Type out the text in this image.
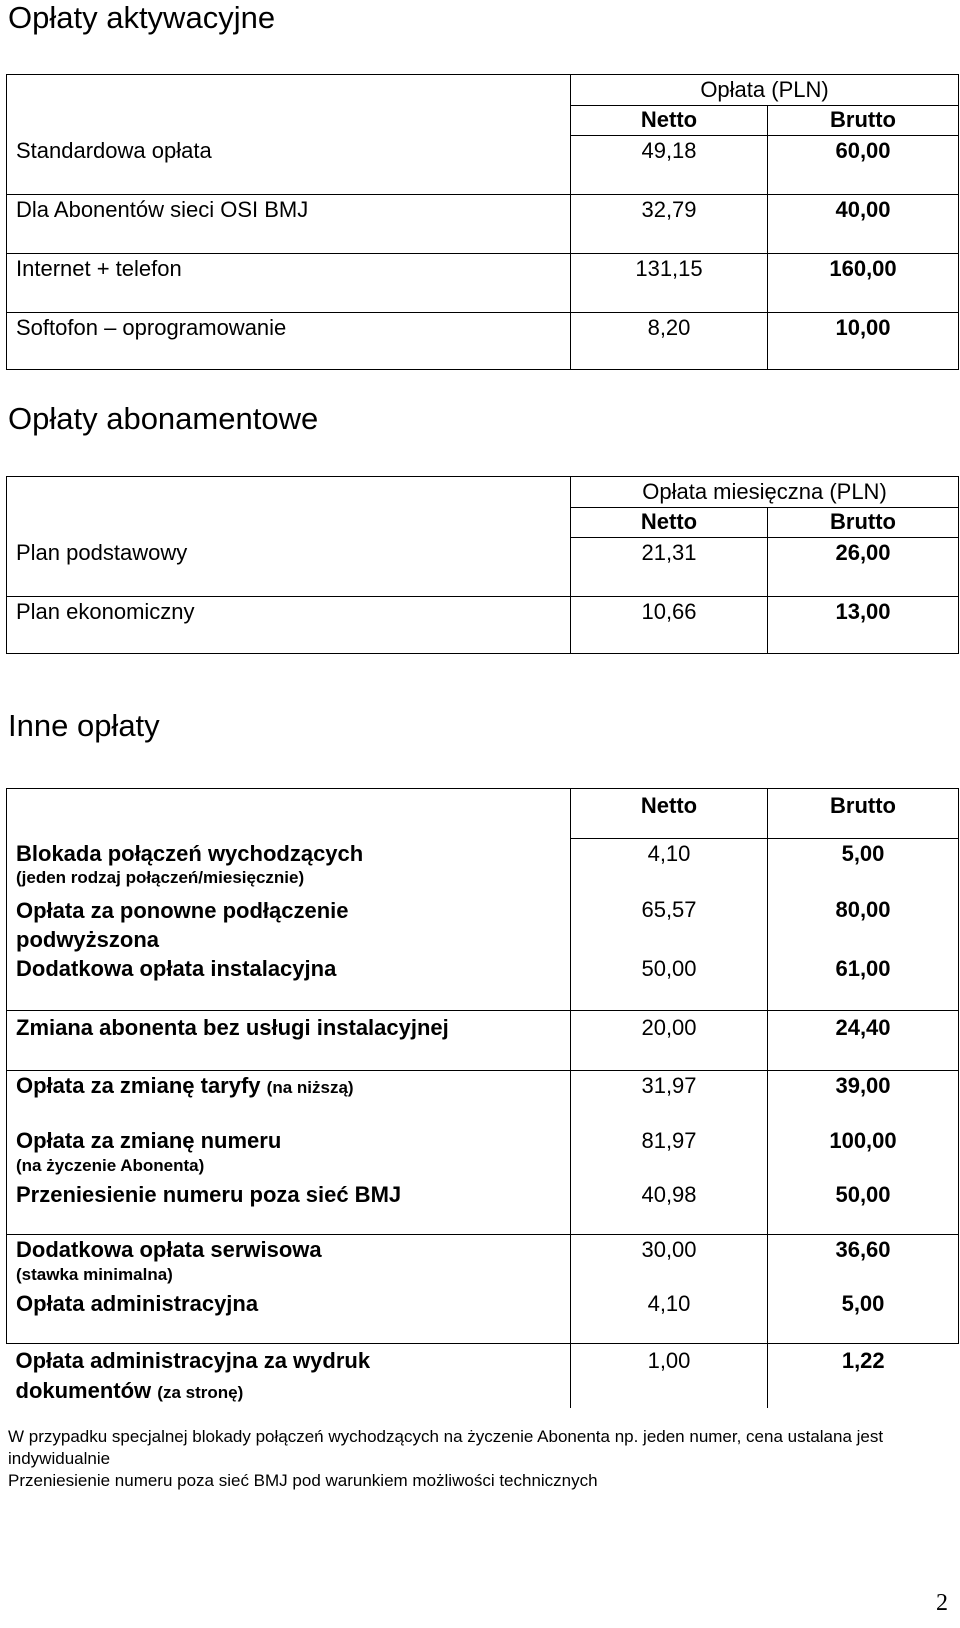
Opłaty aktywacyjne
	Opłata (PLN)	
	Netto	Brutto
Standardowa opłata	49,18	60,00
Dla Abonentów sieci OSI BMJ	32,79	40,00
Internet + telefon	131,15	160,00
Softofon – oprogramowanie	8,20	10,00
Opłaty abonamentowe
	Opłata miesięczna (PLN)	
	Netto	Brutto
Plan podstawowy	21,31	26,00
Plan ekonomiczny	10,66	13,00
Inne opłaty
	Netto	Brutto

Blokada połączeń wychodzących
(jeden rodzaj połączeń/miesięcznie)	4,10	5,00

Opłata za ponowne podłączenie podwyższona	65,57	80,00
Dodatkowa opłata instalacyjna	50,00	61,00
Zmiana abonenta bez usługi instalacyjnej	20,00	24,40
Opłata za zmianę taryfy (na niższą)	31,97	39,00

Opłata za zmianę numeru
(na życzenie Abonenta)	81,97	100,00
Przeniesienie numeru poza sieć BMJ	40,98	50,00

Dodatkowa opłata serwisowa
(stawka minimalna)	30,00	36,60
Opłata administracyjna	4,10	5,00

Opłata administracyjna za wydruk dokumentów (za stronę)	1,00	1,22
W przypadku specjalnej blokady połączeń wychodzących na życzenie Abonenta np. jeden numer, cena ustalana jest indywidualnie
Przeniesienie numeru poza sieć BMJ pod warunkiem możliwości technicznych
2
